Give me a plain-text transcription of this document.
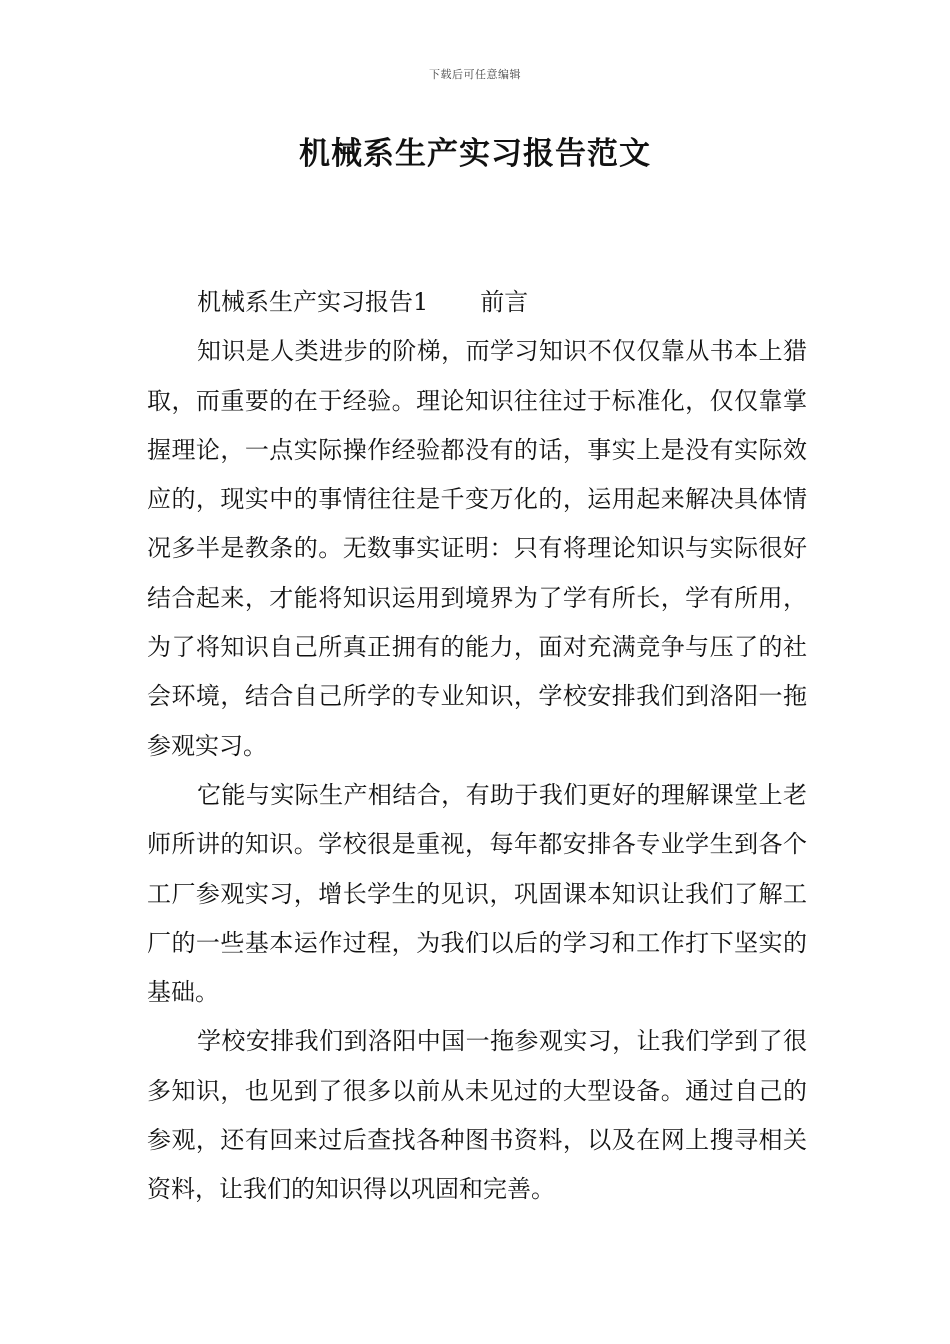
下载后可任意编辑
机械系生产实习报告范文
机械系生产实习报告1 前言

知识是人类进步的阶梯，而学习知识不仅仅靠从书本上猎取，而重要的在于经验。理论知识往往过于标准化，仅仅靠掌握理论，一点实际操作经验都没有的话，事实上是没有实际效应的，现实中的事情往往是千变万化的，运用起来解决具体情况多半是教条的。无数事实证明：只有将理论知识与实际很好结合起来，才能将知识运用到境界为了学有所长，学有所用，为了将知识自己所真正拥有的能力，面对充满竞争与压了的社会环境，结合自己所学的专业知识，学校安排我们到洛阳一拖参观实习。

它能与实际生产相结合，有助于我们更好的理解课堂上老师所讲的知识。学校很是重视，每年都安排各专业学生到各个工厂参观实习，增长学生的见识，巩固课本知识让我们了解工厂的一些基本运作过程，为我们以后的学习和工作打下坚实的基础。

学校安排我们到洛阳中国一拖参观实习，让我们学到了很多知识，也见到了很多以前从未见过的大型设备。通过自己的参观，还有回来过后查找各种图书资料，以及在网上搜寻相关资料，让我们的知识得以巩固和完善。
